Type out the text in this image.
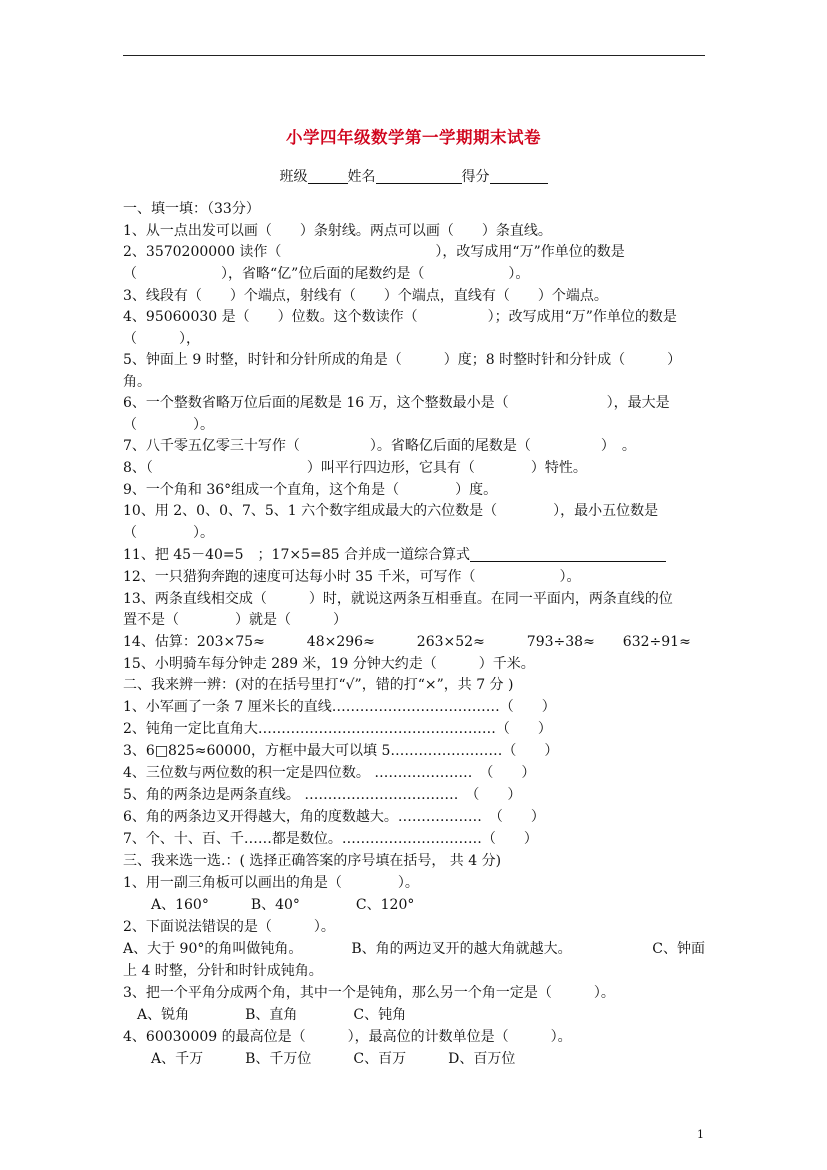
小学四年级数学第一学期期末试卷
班级	姓名	得分
一、填一填：（33分）
1、从一点出发可以画（　　）条射线。两点可以画（　　）条直线。
2、3570200000 读作（　　　　　　　　　　　），改写成用“万”作单位的数是
（　　　　　　），省略“亿”位后面的尾数约是（　　　　　　）。
3、线段有（　　）个端点，射线有（　　）个端点，直线有（　　）个端点。
4、95060030 是（　　）位数。这个数读作（　　　　　）；改写成用“万”作单位的数是
（　　　），
5、钟面上 9 时整，时针和分针所成的角是（　　　）度；8 时整时针和分针成（　　　）
角。
6、一个整数省略万位后面的尾数是 16 万，这个整数最小是（　　　　　　　），最大是
（　　　　）。
7、八千零五亿零三十写作（　　　　　）。省略亿后面的尾数是（　　　　　）　。
8、（　　　　　　　　　　　）叫平行四边形，它具有（　　　　）特性。
9、一个角和 36°组成一个直角，这个角是（　　　　）度。
10、用 2、0、0、7、5、1 六个数字组成最大的六位数是（　　　　），最小五位数是
（　　　　）。
11、把 45－40=5　；17×5=85 合并成一道综合算式
12、一只猎狗奔跑的速度可达每小时 35 千米，可写作（　　　　　　）。
13、两条直线相交成（　　　）时，就说这两条互相垂直。在同一平面内，两条直线的位
置不是（　　　　）就是（　　　）
14、估算：203×75≈　　　48×296≈　　　263×52≈　　　793÷38≈　　632÷91≈
15、小明骑车每分钟走 289 米，19 分钟大约走（　　　）千米。
二、我来辨一辨：(对的在括号里打“√”，错的打“×”，共 7 分 )
1、小军画了一条 7 厘米长的直线………………………………（　　）
2、钝角一定比直角大……………………………………………（　　）
3、6□825≈60000，方框中最大可以填 5……………………（　　）
4、三位数与两位数的积一定是四位数。 …………………　（　　）
5、角的两条边是两条直线。 ……………………………　（　　）
6、角的两条边叉开得越大，角的度数越大。………………　（　　）
7、个、十、百、千……都是数位。…………………………（　　）
三、我来选一选.：( 选择正确答案的序号填在括号， 共 4 分)
1、用一副三角板可以画出的角是（　　　　）。
　　A、160°　　　B、40°　　　　C、120°
2、下面说法错误的是（　　　）。
A、大于 90°的角叫做钝角。　　　　B、角的两边叉开的越大角就越大。	C、钟面
上 4 时整，分针和时针成钝角。
3、把一个平角分成两个角，其中一个是钝角，那么另一个角一定是（　　　）。
　A、锐角　　　　B、直角　　　　C、钝角
4、60030009 的最高位是（　　　），最高位的计数单位是（　　　）。
　　A、千万　　　B、千万位　　　C、百万　　　D、百万位
1
